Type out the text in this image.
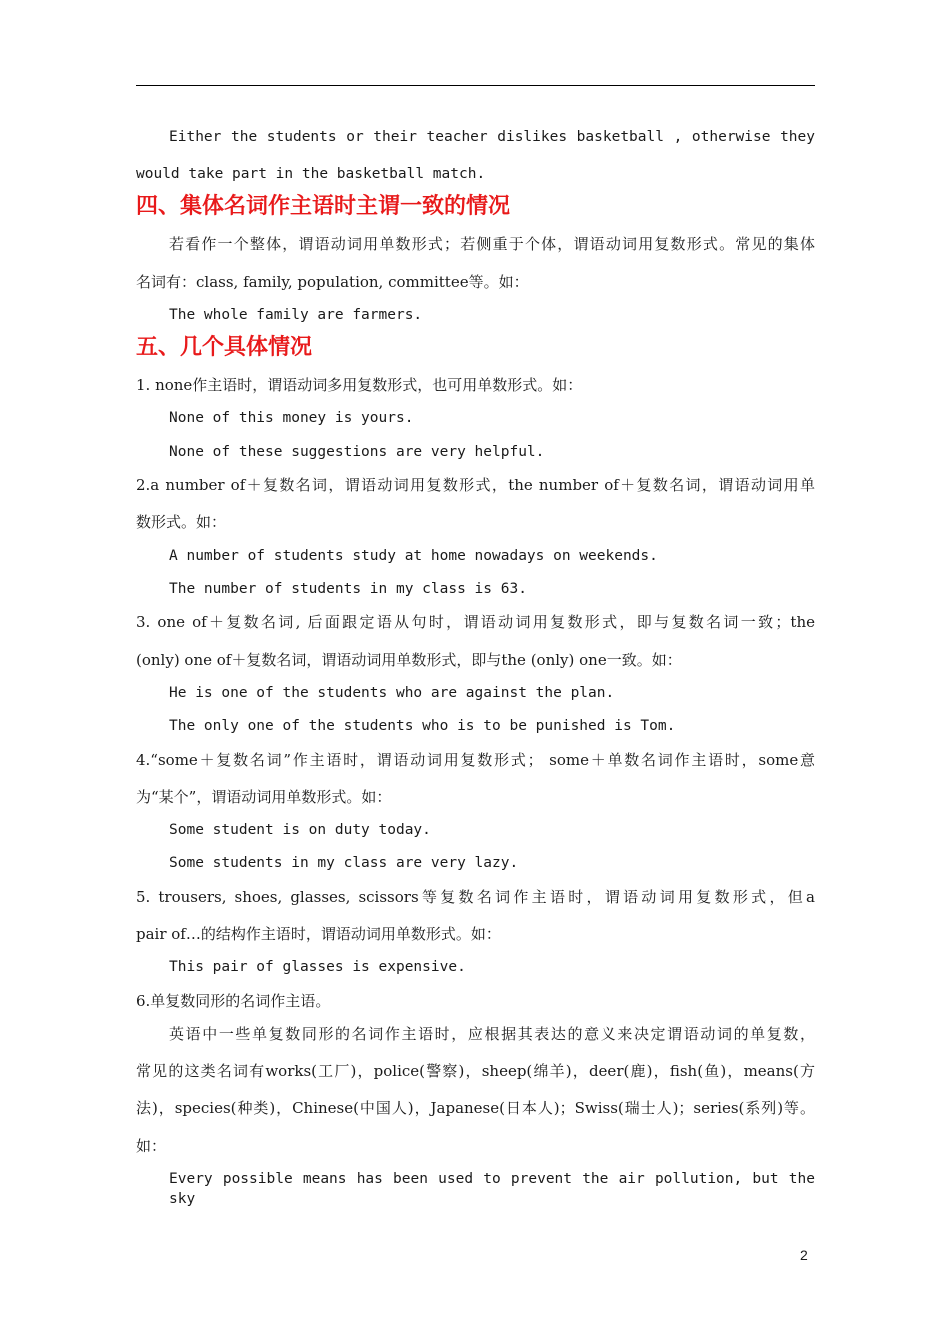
Either the students or their teacher dislikes basketball , otherwise they
would take part in the basketball match.
四、集体名词作主语时主谓一致的情况
若看作一个整体，谓语动词用单数形式；若侧重于个体，谓语动词用复数形式。常见的集体
名词有：class, family, population, committee等。如：
The whole family are farmers.
五、几个具体情况
1. none作主语时，谓语动词多用复数形式，也可用单数形式。如：
None of this money is yours.
None of these suggestions are very helpful.
2.a number of＋复数名词，谓语动词用复数形式，the number of＋复数名词，谓语动词用单
数形式。如：
A number of students study at home nowadays on weekends.
The number of students in my class is 63.
3. one of＋复数名词, 后面跟定语从句时，谓语动词用复数形式，即与复数名词一致；the
(only) one of＋复数名词，谓语动词用单数形式，即与the (only) one一致。如：
He is one of the students who are against the plan.
The only one of the students who is to be punished is Tom.
4.“some＋复数名词”作主语时，谓语动词用复数形式； some＋单数名词作主语时，some意
为“某个”，谓语动词用单数形式。如：
Some student is on duty today.
Some students in my class are very lazy.
5. trousers, shoes, glasses, scissors等复数名词作主语时，谓语动词用复数形式，但a
pair of…的结构作主语时，谓语动词用单数形式。如：
This pair of glasses is expensive.
6.单复数同形的名词作主语。
英语中一些单复数同形的名词作主语时，应根据其表达的意义来决定谓语动词的单复数，
常见的这类名词有works(工厂)，police(警察)，sheep(绵羊)，deer(鹿)，fish(鱼)，means(方
法)，species(种类)，Chinese(中国人)，Japanese(日本人)；Swiss(瑞士人)；series(系列)等。
如：
Every possible means has been used to prevent the air pollution, but the sky
2
